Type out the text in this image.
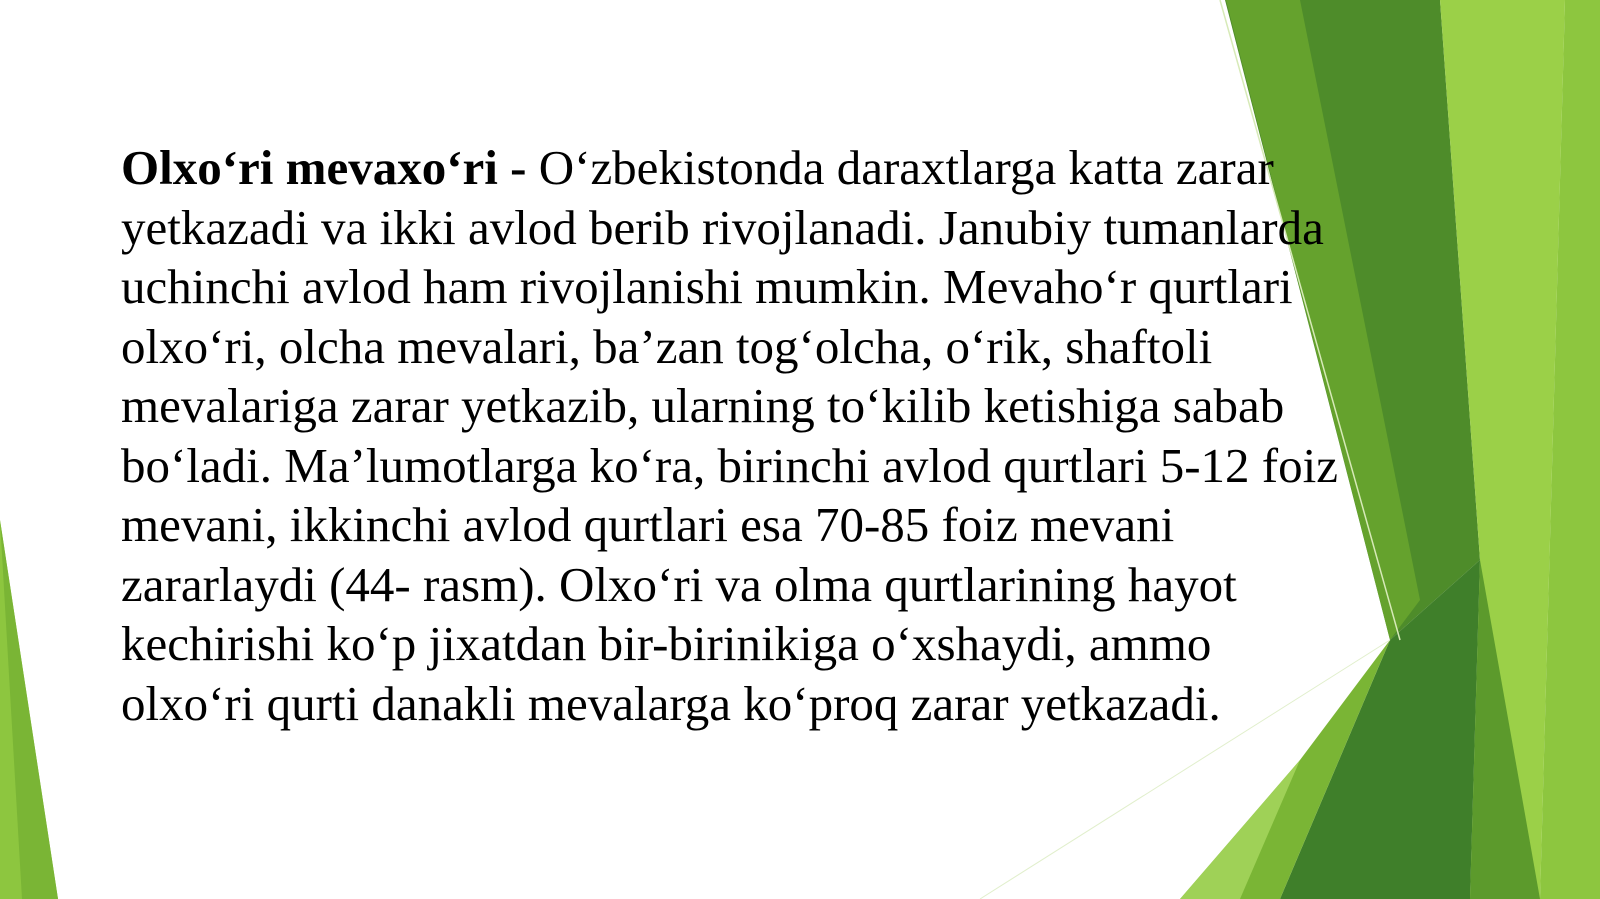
Olxo‘ri mevaxo‘ri - O‘zbekistonda daraxtlarga katta zarar
yetkazadi va ikki avlod berib rivojlanadi. Janubiy tumanlarda
uchinchi avlod ham rivojlanishi mumkin. Mevaho‘r qurtlari
olxo‘ri, olcha mevalari, ba’zan tog‘olcha, o‘rik, shaftoli
mevalariga zarar yetkazib, ularning to‘kilib ketishiga sabab
bo‘ladi. Ma’lumotlarga ko‘ra, birinchi avlod qurtlari 5-12 foiz
mevani, ikkinchi avlod qurtlari esa 70-85 foiz mevani
zararlaydi (44- rasm). Olxo‘ri va olma qurtlarining hayot
kechirishi ko‘p jixatdan bir-birinikiga o‘xshaydi, ammo
olxo‘ri qurti danakli mevalarga ko‘proq zarar yetkazadi.
